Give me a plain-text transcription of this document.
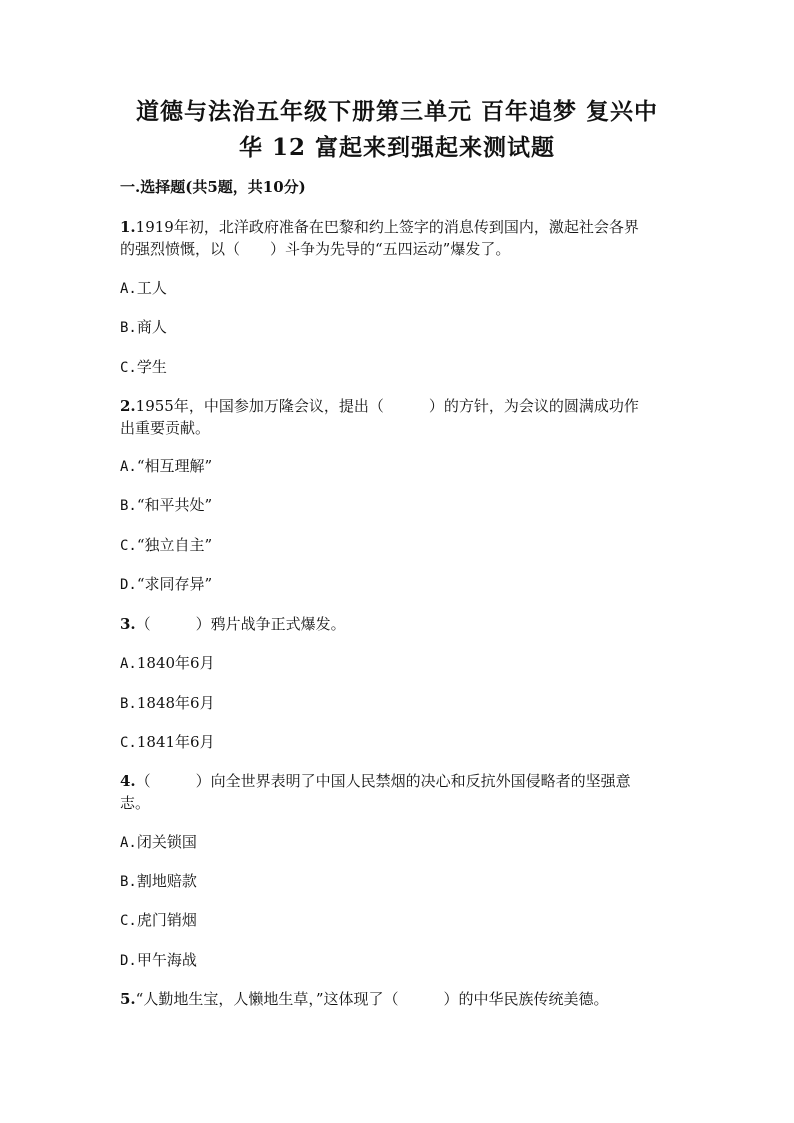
道德与法治五年级下册第三单元 百年追梦 复兴中
华 12 富起来到强起来测试题
一.选择题(共5题，共10分)
1.1919年初，北洋政府准备在巴黎和约上签字的消息传到国内，激起社会各界
的强烈愤慨，以（　　）斗争为先导的“五四运动”爆发了。
A.工人
B.商人
C.学生
2.1955年，中国参加万隆会议，提出（　　　）的方针，为会议的圆满成功作
出重要贡献。
A.“相互理解”
B.“和平共处”
C.“独立自主”
D.“求同存异”
3.（　　　）鸦片战争正式爆发。
A.1840年6月
B.1848年6月
C.1841年6月
4.（　　　）向全世界表明了中国人民禁烟的决心和反抗外国侵略者的坚强意
志。
A.闭关锁国
B.割地赔款
C.虎门销烟
D.甲午海战
5.“人勤地生宝，人懒地生草，”这体现了（　　　）的中华民族传统美德。
